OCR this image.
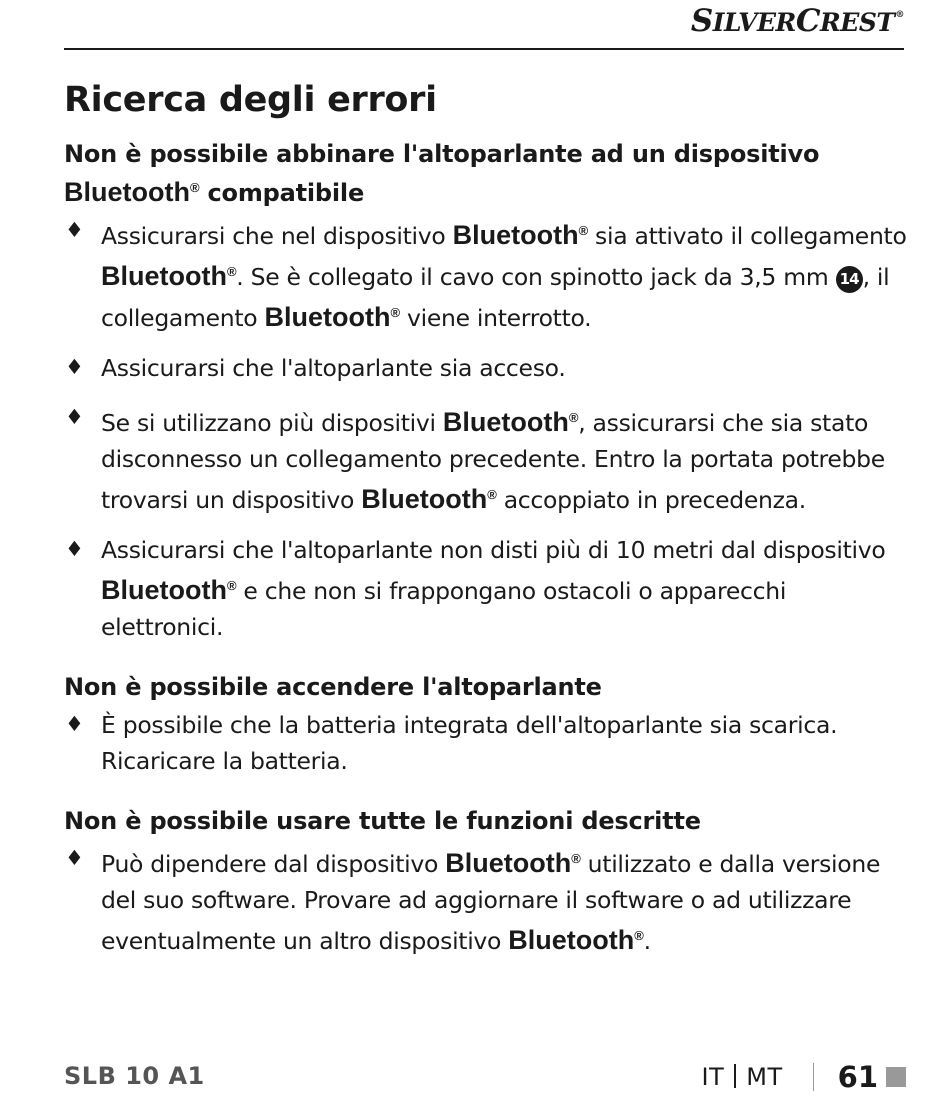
SILVERCREST®
Ricerca degli errori
Non è possibile abbinare l'altoparlante ad un dispositivo
Bluetooth® compatibile
♦ Assicurarsi che nel dispositivo Bluetooth® sia attivato il collegamento Bluetooth®. Se è collegato il cavo con spinotto jack da 3,5 mm 14 , il collegamento Bluetooth® viene interrotto.
♦ Assicurarsi che l'altoparlante sia acceso.
♦ Se si utilizzano più dispositivi Bluetooth®, assicurarsi che sia stato disconnesso un collegamento precedente. Entro la portata potrebbe trovarsi un dispositivo Bluetooth® accoppiato in precedenza.
♦ Assicurarsi che l'altoparlante non disti più di 10 metri dal dispositivo Bluetooth® e che non si frappongano ostacoli o apparecchi elettronici.
Non è possibile accendere l'altoparlante
♦ È possibile che la batteria integrata dell'altoparlante sia scarica. Ricaricare la batteria.
Non è possibile usare tutte le funzioni descritte
♦ Può dipendere dal dispositivo Bluetooth® utilizzato e dalla versione del suo software. Provare ad aggiornare il software o ad utilizzare eventualmente un altro dispositivo Bluetooth®.
SLB 10 A1	IT MT 61
